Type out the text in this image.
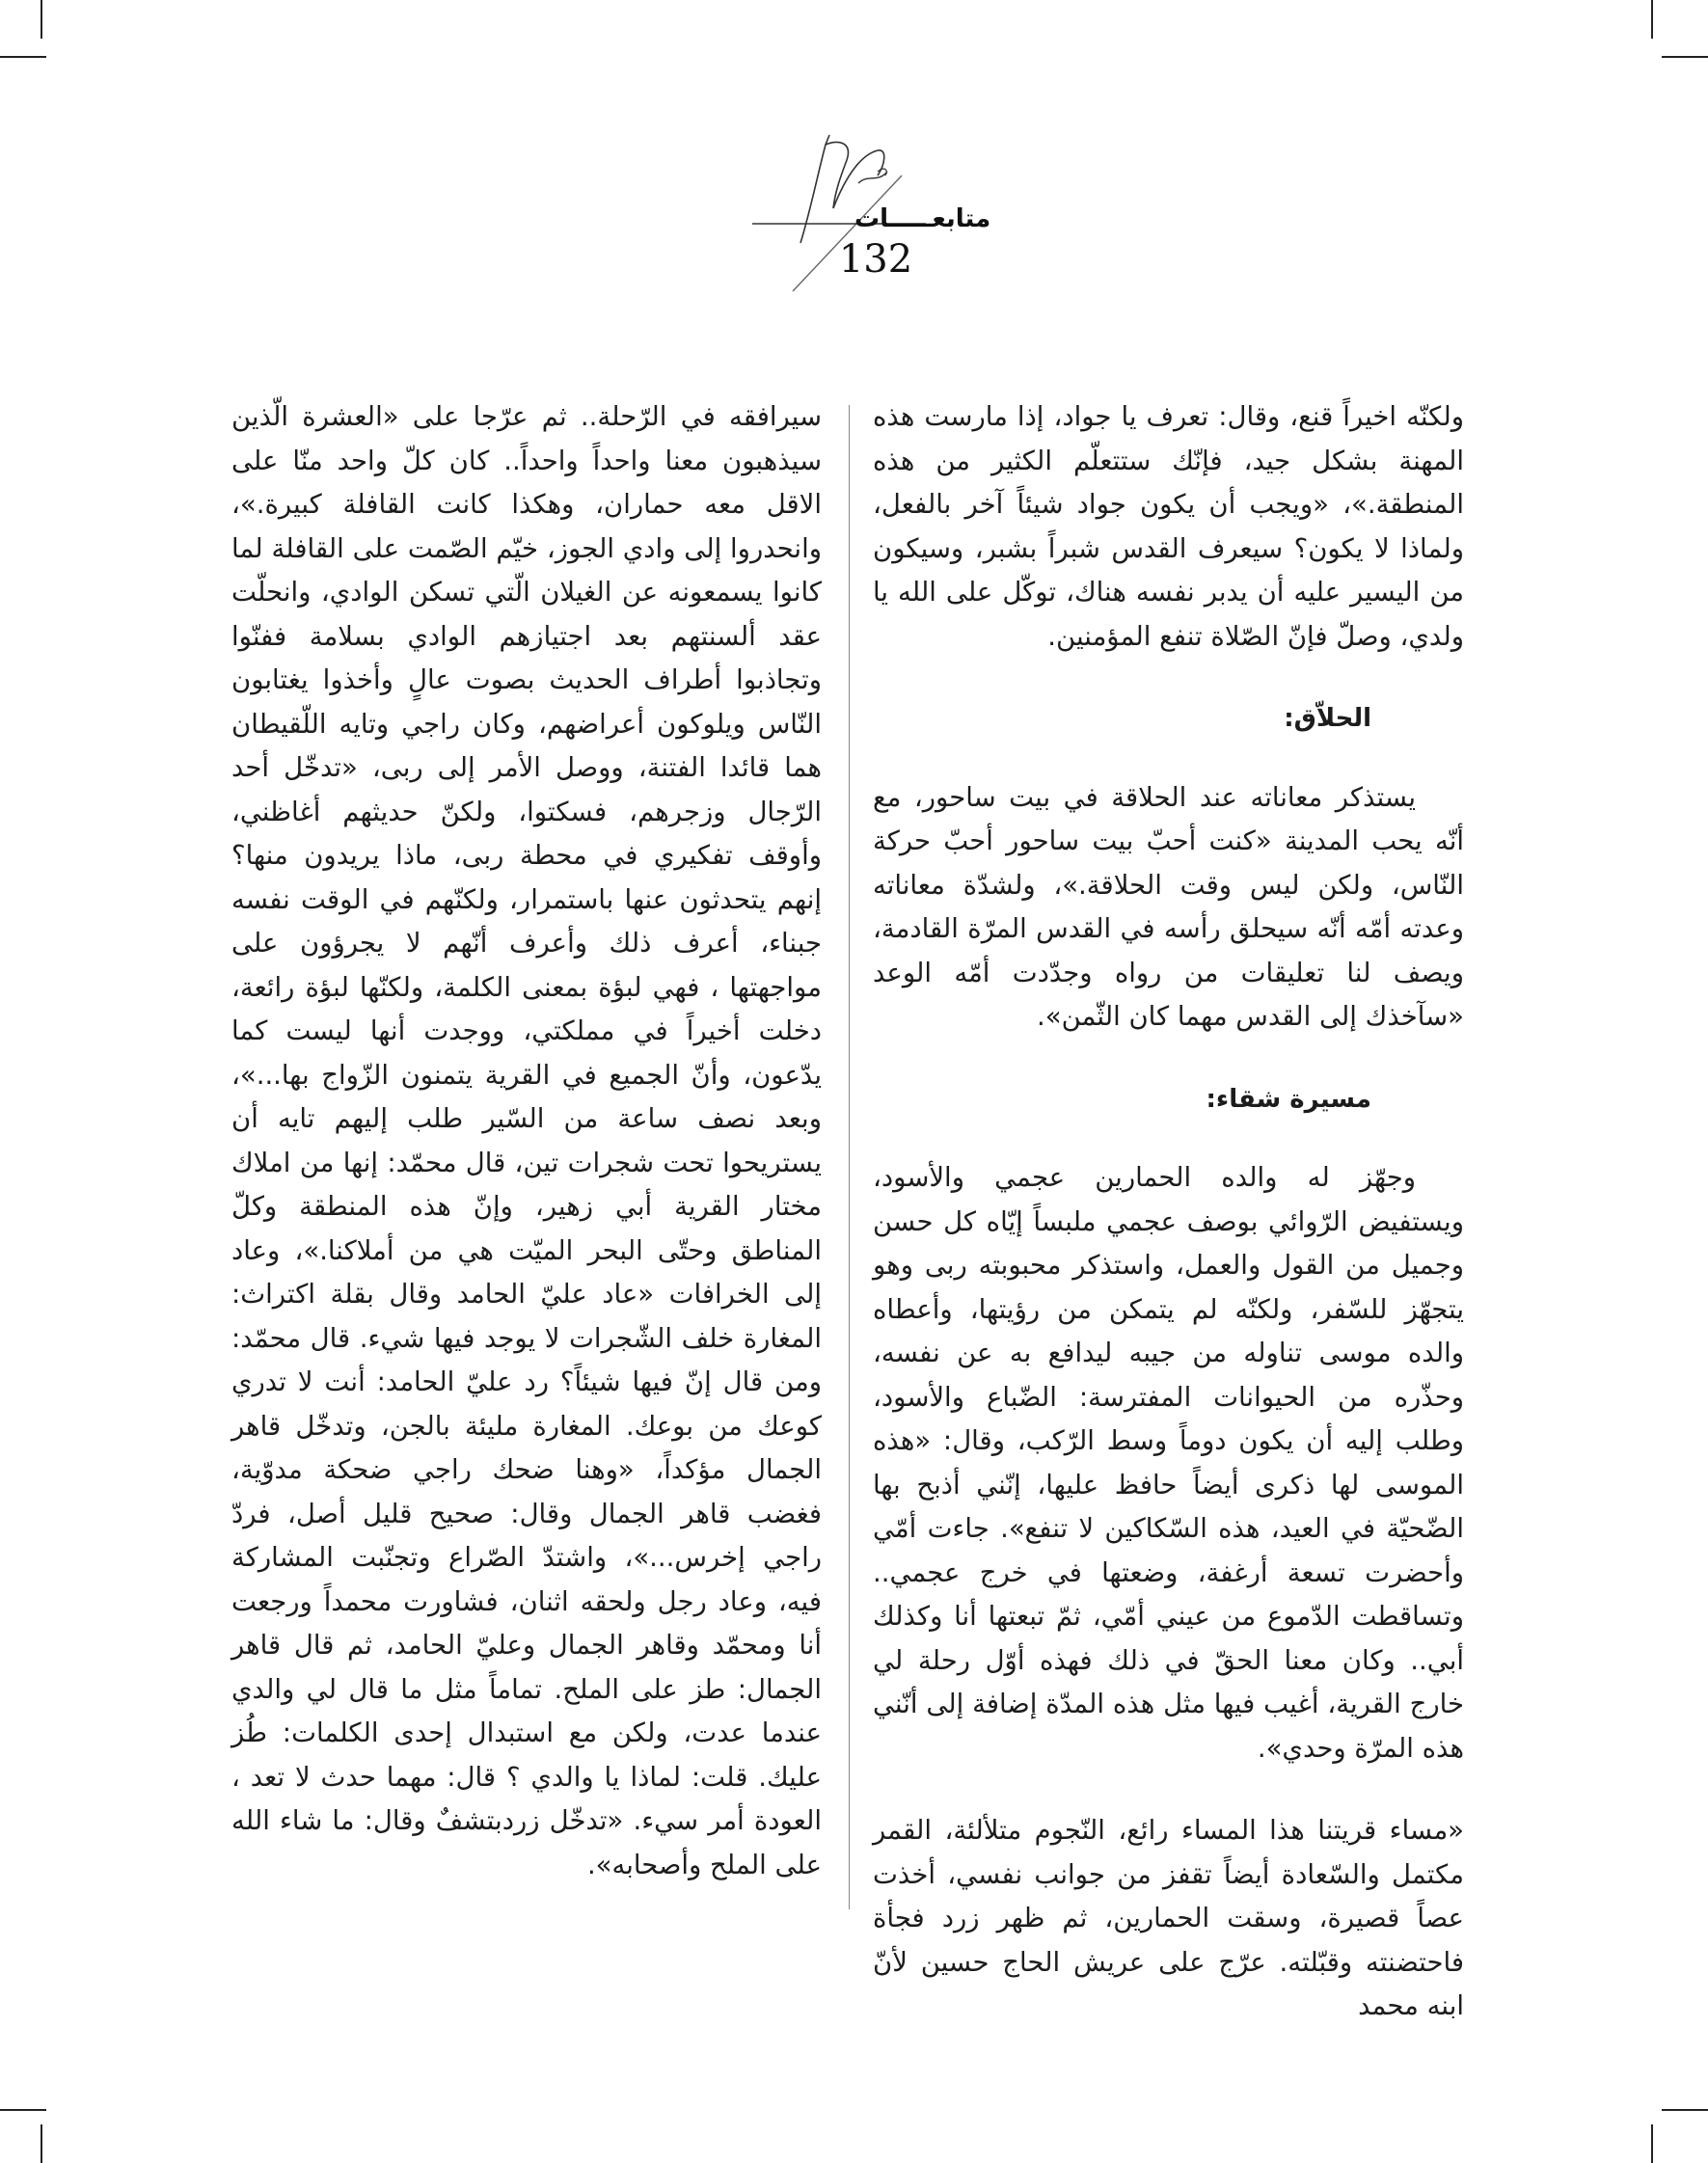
متابعـــــات
132

ولكنّه اخيراً قنع، وقال: تعرف يا جواد، إذا مارست هذه المهنة بشكل جيد، فإنّك ستتعلّم الكثير من هذه المنطقة.»، «ويجب أن يكون جواد شيئاً آخر بالفعل، ولماذا لا يكون؟ سيعرف القدس شبراً بشبر، وسيكون من اليسير عليه أن يدبر نفسه هناك، توكّل على الله يا ولدي، وصلّ فإنّ الصّلاة تنفع المؤمنين.

الحلاّق:

يستذكر معاناته عند الحلاقة في بيت ساحور، مع أنّه يحب المدينة «كنت أحبّ بيت ساحور أحبّ حركة النّاس، ولكن ليس وقت الحلاقة.»، ولشدّة معاناته وعدته أمّه أنّه سيحلق رأسه في القدس المرّة القادمة، ويصف لنا تعليقات من رواه وجدّدت أمّه الوعد «سآخذك إلى القدس مهما كان الثّمن».

مسيرة شقاء:

وجهّز له والده الحمارين عجمي والأسود، ويستفيض الرّوائي بوصف عجمي ملبساً إيّاه كل حسن وجميل من القول والعمل، واستذكر محبوبته ربى وهو يتجهّز للسّفر، ولكنّه لم يتمكن من رؤيتها، وأعطاه والده موسى تناوله من جيبه ليدافع به عن نفسه، وحذّره من الحيوانات المفترسة: الضّباع والأسود، وطلب إليه أن يكون دوماً وسط الرّكب، وقال: «هذه الموسى لها ذكرى أيضاً حافظ عليها، إنّني أذبح بها الضّحيّة في العيد، هذه السّكاكين لا تنفع». جاءت أمّي وأحضرت تسعة أرغفة، وضعتها في خرج عجمي.. وتساقطت الدّموع من عيني أمّي، ثمّ تبعتها أنا وكذلك أبي.. وكان معنا الحقّ في ذلك فهذه أوّل رحلة لي خارج القرية، أغيب فيها مثل هذه المدّة إضافة إلى أنّني هذه المرّة وحدي».

«مساء قريتنا هذا المساء رائع، النّجوم متلألئة، القمر مكتمل والسّعادة أيضاً تقفز من جوانب نفسي، أخذت عصاً قصيرة، وسقت الحمارين، ثم ظهر زرد فجأة فاحتضنته وقبّلته. عرّج على عريش الحاج حسين لأنّ ابنه محمد

سيرافقه في الرّحلة.. ثم عرّجا على «العشرة الّذين سيذهبون معنا واحداً واحداً.. كان كلّ واحد منّا على الاقل معه حماران، وهكذا كانت القافلة كبيرة.»، وانحدروا إلى وادي الجوز، خيّم الصّمت على القافلة لما كانوا يسمعونه عن الغيلان الّتي تسكن الوادي، وانحلّت عقد ألسنتهم بعد اجتيازهم الوادي بسلامة ففنّوا وتجاذبوا أطراف الحديث بصوت عالٍ وأخذوا يغتابون النّاس ويلوكون أعراضهم، وكان راجي وتايه اللّقيطان هما قائدا الفتنة، ووصل الأمر إلى ربى، «تدخّل أحد الرّجال وزجرهم، فسكتوا، ولكنّ حديثهم أغاظني، وأوقف تفكيري في محطة ربى، ماذا يريدون منها؟ إنهم يتحدثون عنها باستمرار، ولكنّهم في الوقت نفسه جبناء، أعرف ذلك وأعرف أنّهم لا يجرؤون على مواجهتها ، فهي لبؤة بمعنى الكلمة، ولكنّها لبؤة رائعة، دخلت أخيراً في مملكتي، ووجدت أنها ليست كما يدّعون، وأنّ الجميع في القرية يتمنون الزّواج بها...»، وبعد نصف ساعة من السّير طلب إليهم تايه أن يستريحوا تحت شجرات تين، قال محمّد: إنها من املاك مختار القرية أبي زهير، وإنّ هذه المنطقة وكلّ المناطق وحتّى البحر الميّت هي من أملاكنا.»، وعاد إلى الخرافات «عاد عليّ الحامد وقال بقلة اكتراث: المغارة خلف الشّجرات لا يوجد فيها شيء. قال محمّد: ومن قال إنّ فيها شيئاً؟ رد عليّ الحامد: أنت لا تدري كوعك من بوعك. المغارة مليئة بالجن، وتدخّل قاهر الجمال مؤكداً، «وهنا ضحك راجي ضحكة مدوّية، فغضب قاهر الجمال وقال: صحيح قليل أصل، فردّ راجي إخرس...»، واشتدّ الصّراع وتجنّبت المشاركة فيه، وعاد رجل ولحقه اثنان، فشاورت محمداً ورجعت أنا ومحمّد وقاهر الجمال وعليّ الحامد، ثم قال قاهر الجمال: طز على الملح. تماماً مثل ما قال لي والدي عندما عدت، ولكن مع استبدال إحدى الكلمات: طُز عليك. قلت: لماذا يا والدي ؟ قال: مهما حدث لا تعد ، العودة أمر سيء. «تدخّل زردبتشفٌ وقال: ما شاء الله على الملح وأصحابه».
